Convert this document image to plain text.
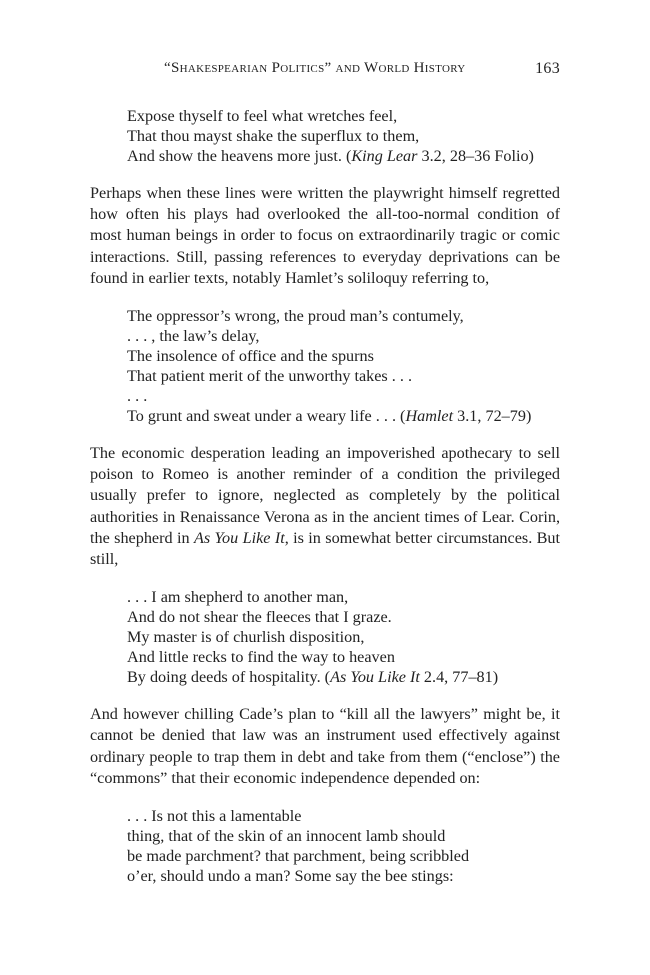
“Shakespearian Politics” and World History	163
Expose thyself to feel what wretches feel,
That thou mayst shake the superflux to them,
And show the heavens more just. (King Lear 3.2, 28–36 Folio)

Perhaps when these lines were written the playwright himself regretted how often his plays had overlooked the all-too-normal condition of most human beings in order to focus on extraordinarily tragic or comic interactions. Still, passing references to everyday deprivations can be found in earlier texts, notably Hamlet’s soliloquy referring to,

The oppressor’s wrong, the proud man’s contumely,
. . . , the law’s delay,
The insolence of office and the spurns
That patient merit of the unworthy takes . . .
. . .
To grunt and sweat under a weary life . . . (Hamlet 3.1, 72–79)

The economic desperation leading an impoverished apothecary to sell poison to Romeo is another reminder of a condition the privileged usually prefer to ignore, neglected as completely by the political authorities in Renaissance Verona as in the ancient times of Lear. Corin, the shepherd in As You Like It, is in somewhat better circumstances. But still,

. . . I am shepherd to another man,
And do not shear the fleeces that I graze.
My master is of churlish disposition,
And little recks to find the way to heaven
By doing deeds of hospitality. (As You Like It 2.4, 77–81)

And however chilling Cade’s plan to “kill all the lawyers” might be, it cannot be denied that law was an instrument used effectively against ordinary people to trap them in debt and take from them (“enclose”) the “commons” that their economic independence depended on:

. . . Is not this a lamentable
thing, that of the skin of an innocent lamb should
be made parchment? that parchment, being scribbled
o’er, should undo a man? Some say the bee stings:
